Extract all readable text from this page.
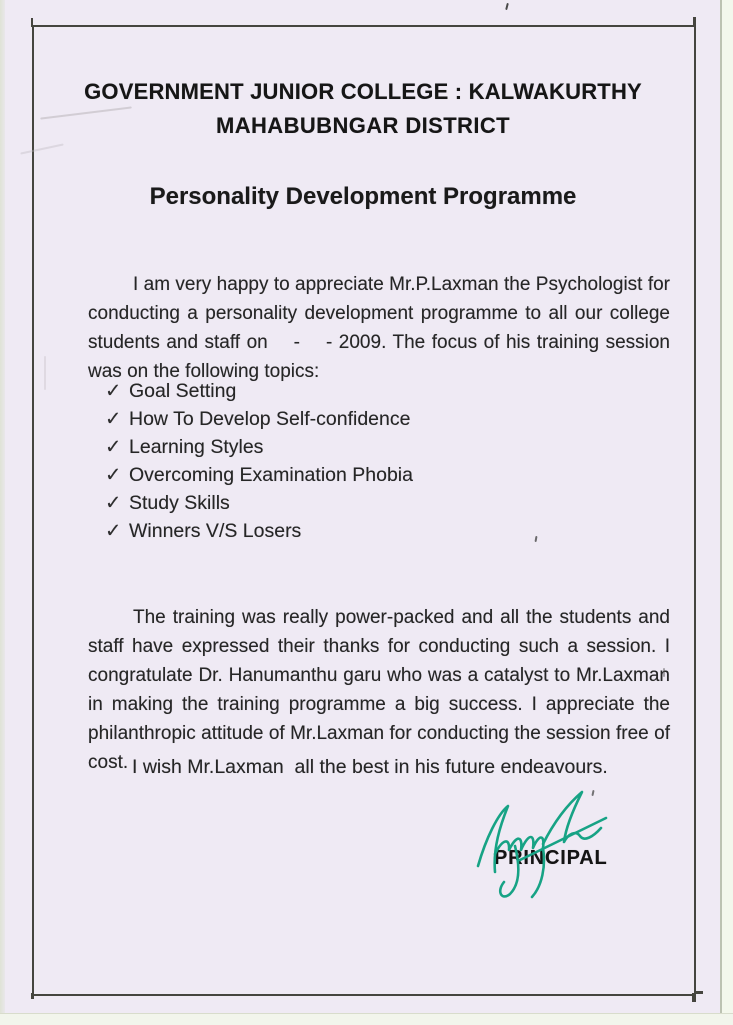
GOVERNMENT JUNIOR COLLEGE : KALWAKURTHY
MAHABUBNGAR DISTRICT
Personality Development Programme

I am very happy to appreciate Mr.P.Laxman the Psychologist for conducting a personality development programme to all our college students and staff on    -    - 2009. The focus of his training session was on the following topics:

✓ Goal Setting
✓ How To Develop Self-confidence
✓ Learning Styles
✓ Overcoming Examination Phobia
✓ Study Skills
✓ Winners V/S Losers

The training was really power-packed and all the students and staff have expressed their thanks for conducting such a session. I congratulate Dr. Hanumanthu garu who was a catalyst to Mr.Laxman in making the training programme a big success. I appreciate the philanthropic attitude of Mr.Laxman for conducting the session free of cost. I wish Mr.Laxman  all the best in his future endeavours.
PRINCIPAL
